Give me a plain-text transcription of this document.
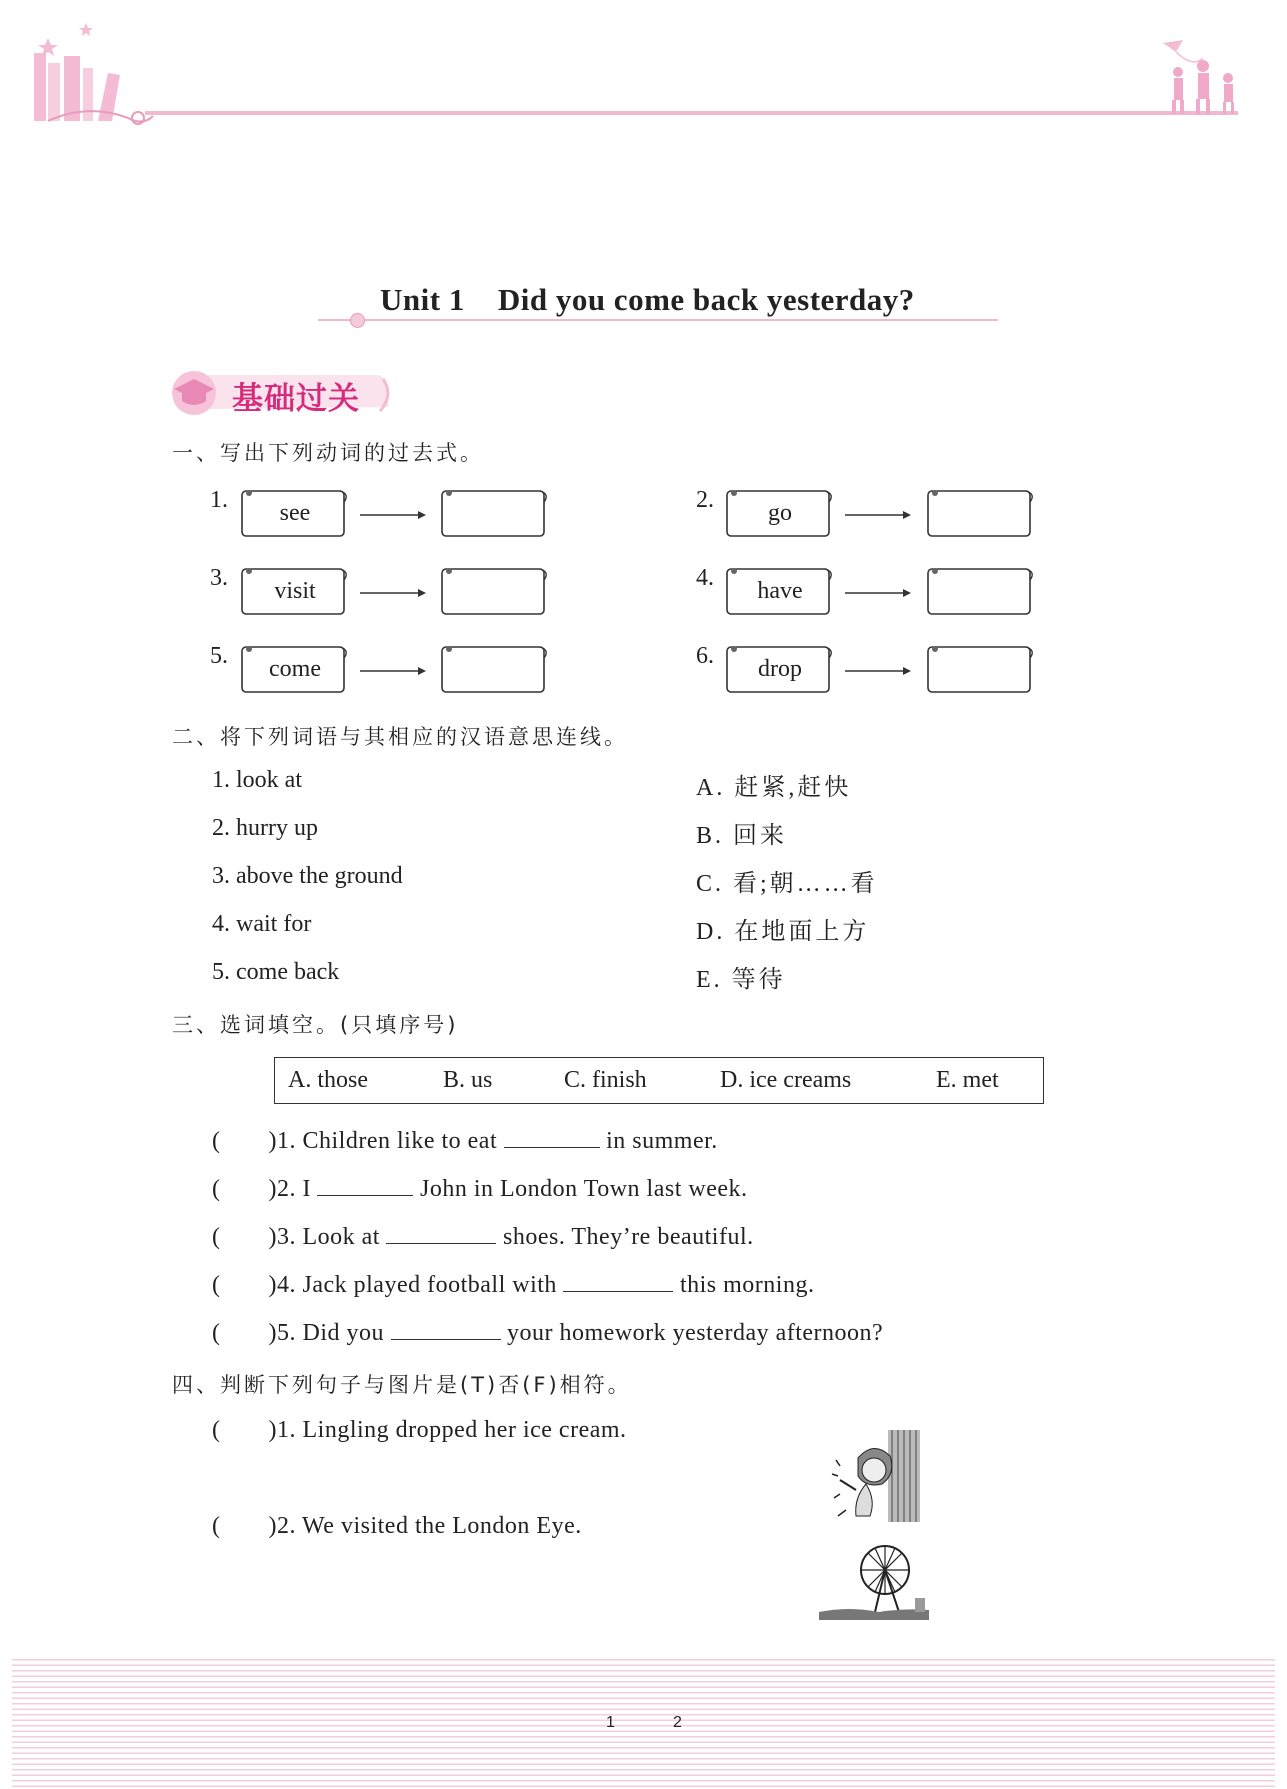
Unit 1 Did you come back yesterday?
基础过关
一、写出下列动词的过去式。
1.	see	2.	go
3.	visit	4.	have
5.	come	6.	drop
二、将下列词语与其相应的汉语意思连线。
1. look at
2. hurry up
3. above the ground
4. wait for
5. come back
A. 赶紧,赶快
B. 回来
C. 看;朝……看
D. 在地面上方
E. 等待
三、选词填空。(只填序号)
A. those	B. us	C. finish	D. ice creams	E. met
( )1. Children like to eat	in summer.
( )2. I	John in London Town last week.
( )3. Look at	shoes. They’re beautiful.
( )4. Jack played football with	this morning.
( )5. Did you	your homework yesterday afternoon?
四、判断下列句子与图片是(T)否(F)相符。
( )1. Lingling dropped her ice cream.
( )2. We visited the London Eye.
1	2
